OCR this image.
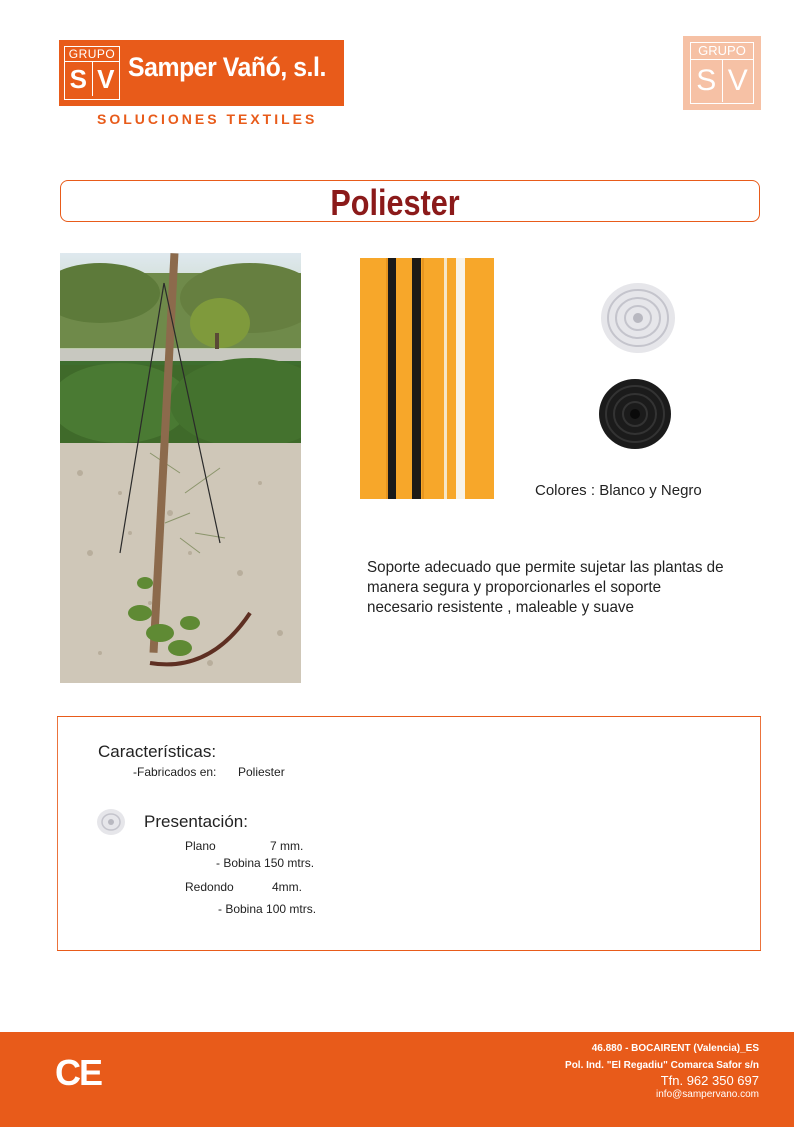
GRUPO
S V Samper Vañó, s.l.
SOLUCIONES TEXTILES
GRUPO
S V
Poliester
Colores : Blanco y Negro
Soporte adecuado que permite sujetar las plantas de manera segura y proporcionarles el soporte necesario resistente , maleable y suave
Características:
-Fabricados en: Poliester
Presentación:
Plano	7 mm.
- Bobina 150 mtrs.
Redondo	4mm.
- Bobina 100 mtrs.
CE
46.880 - BOCAIRENT (Valencia)_ES
Pol. Ind. "El Regadiu" Comarca Safor s/n
Tfn. 962 350 697
info@sampervano.com
